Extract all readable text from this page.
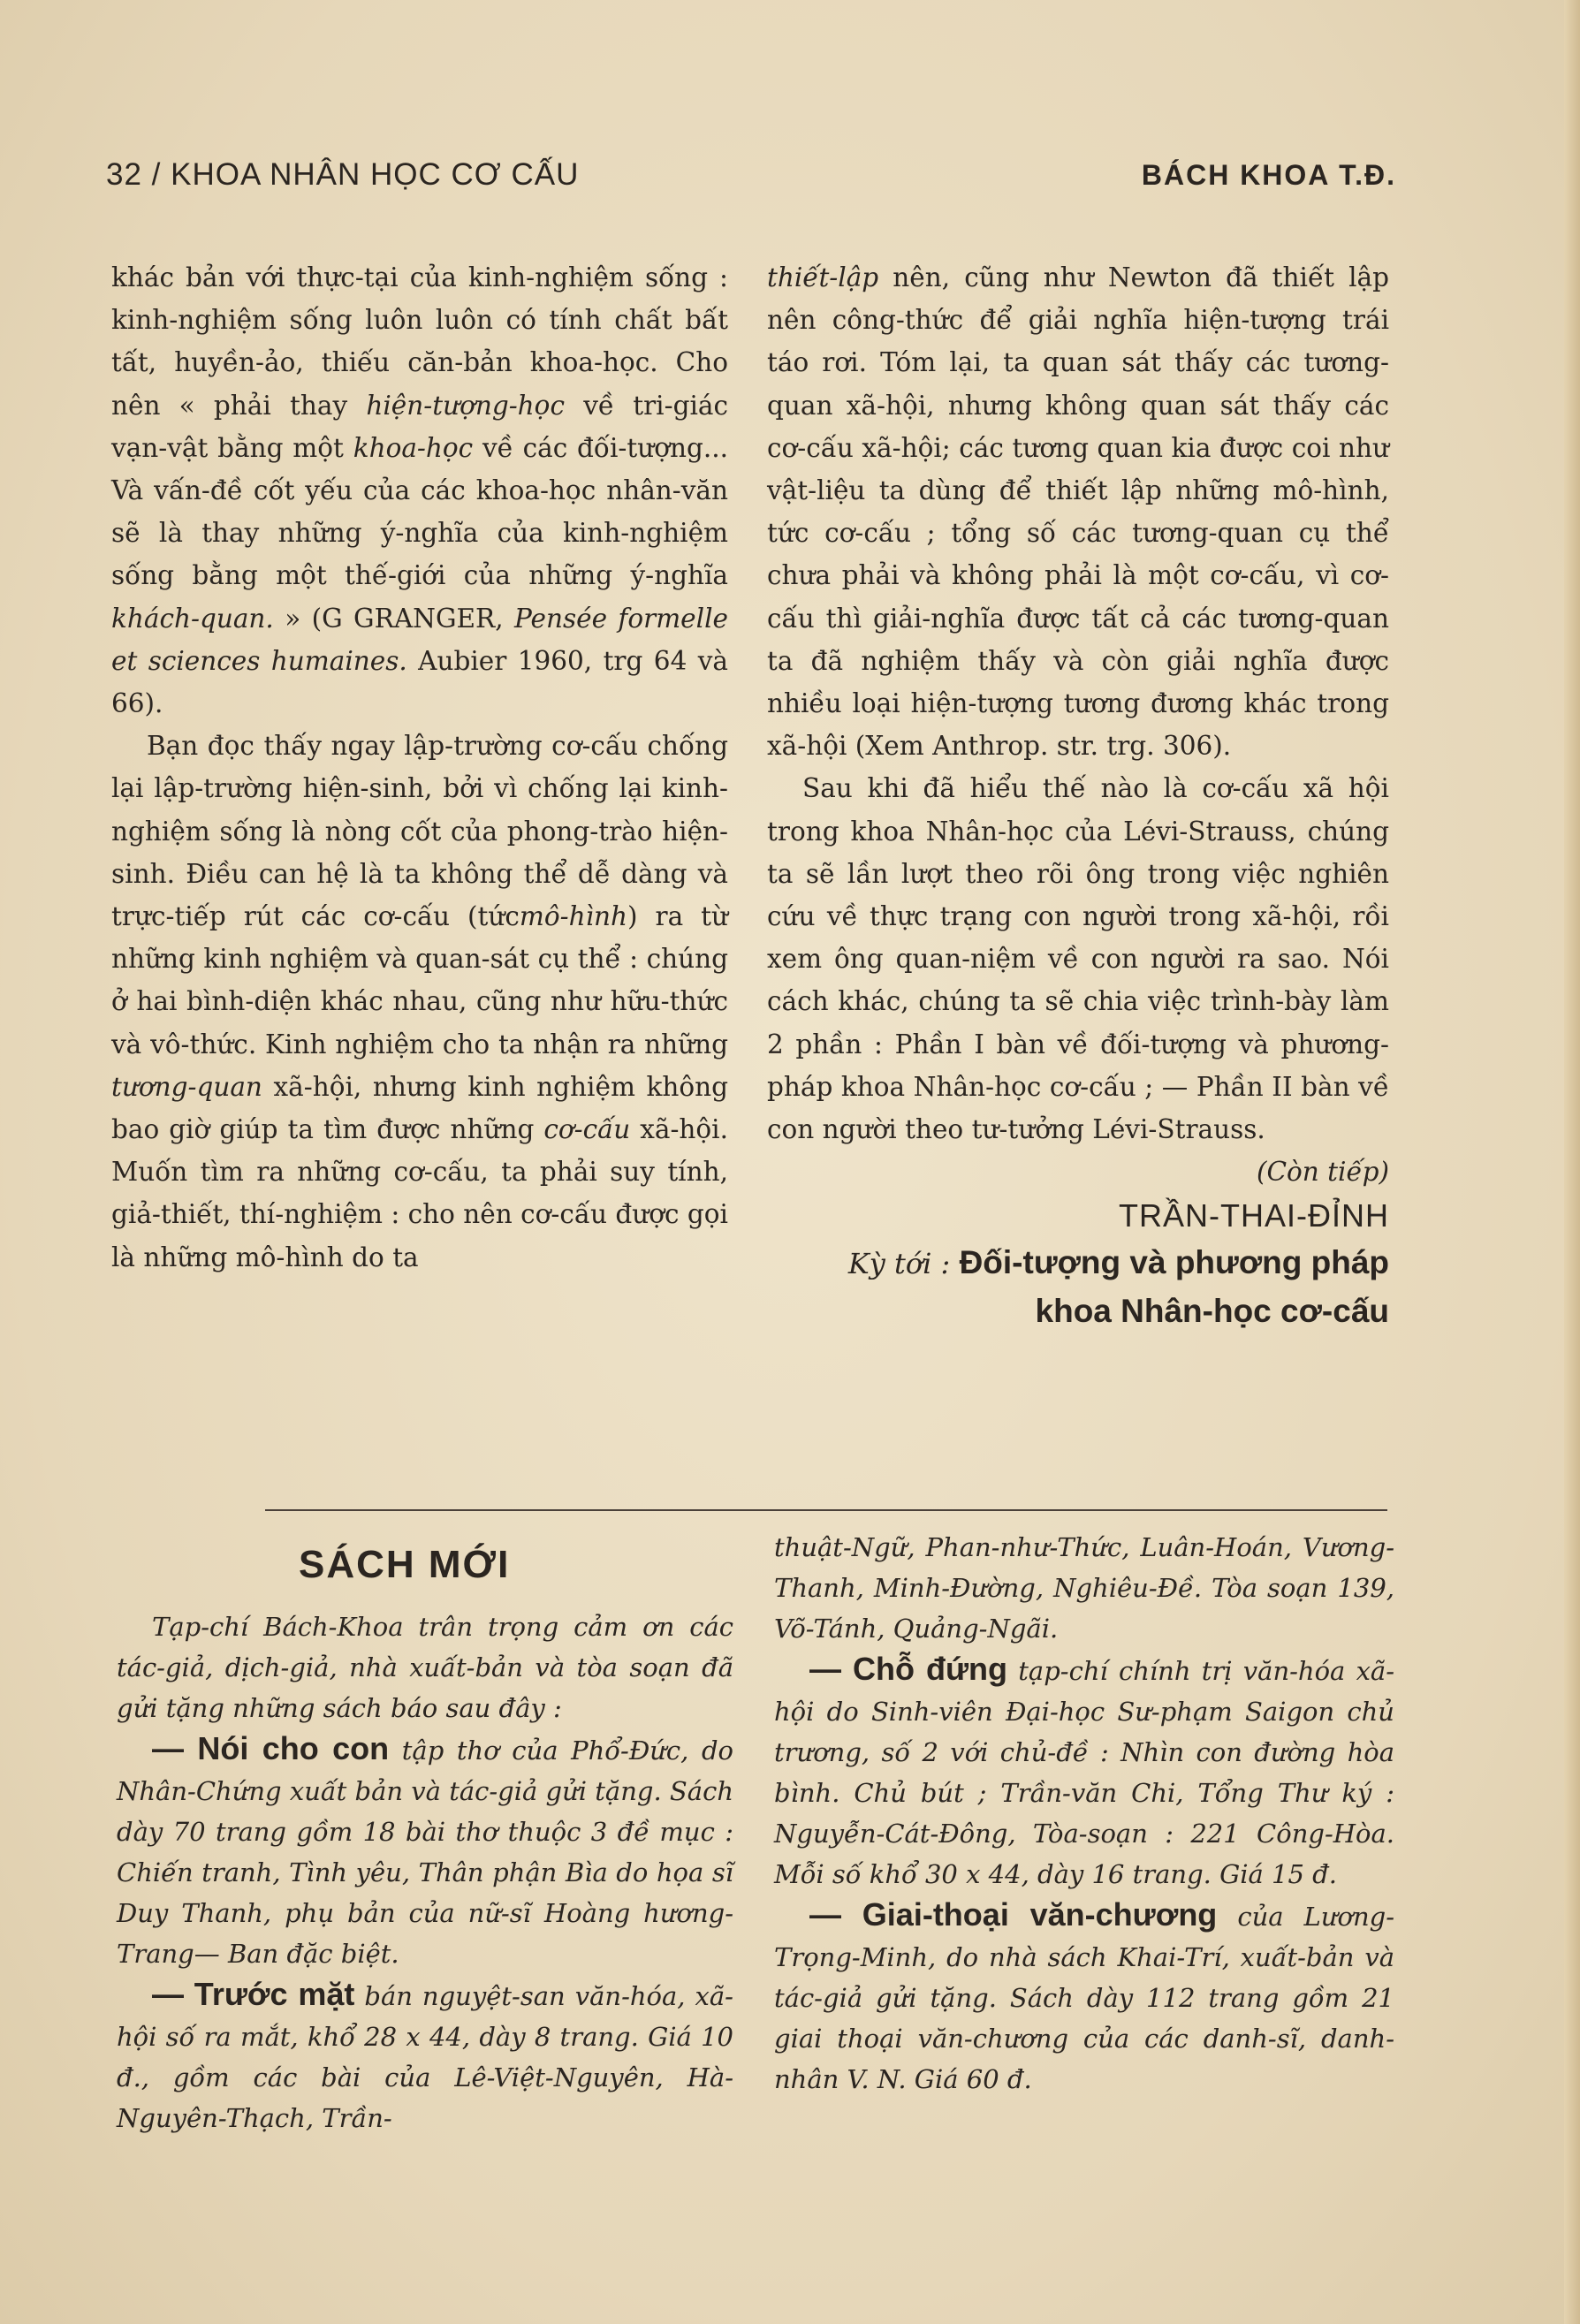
32 / KHOA NHÂN HỌC CƠ CẤU	BÁCH KHOA T.Đ.

khác bản với thực-tại của kinh-nghiệm sống : kinh-nghiệm sống luôn luôn có tính chất bất tất, huyền-ảo, thiếu căn-bản khoa-học. Cho nên « phải thay hiện-tượng-học về tri-giác vạn-vật bằng một khoa-học về các đối-tượng... Và vấn-đề cốt yếu của các khoa-học nhân-văn sẽ là thay những ý-nghĩa của kinh-nghiệm sống bằng một thế-giới của những ý-nghĩa khách-quan. » (G GRANGER, Pensée formelle et sciences humaines. Aubier 1960, trg 64 và 66).

Bạn đọc thấy ngay lập-trường cơ-cấu chống lại lập-trường hiện-sinh, bởi vì chống lại kinh-nghiệm sống là nòng cốt của phong-trào hiện-sinh. Điều can hệ là ta không thể dễ dàng và trực-tiếp rút các cơ-cấu (tứcmô-hình) ra từ những kinh nghiệm và quan-sát cụ thể : chúng ở hai bình-diện khác nhau, cũng như hữu-thức và vô-thức. Kinh nghiệm cho ta nhận ra những tương-quan xã-hội, nhưng kinh nghiệm không bao giờ giúp ta tìm được những cơ-cấu xã-hội. Muốn tìm ra những cơ-cấu, ta phải suy tính, giả-thiết, thí-nghiệm : cho nên cơ-cấu được gọi là những mô-hình do ta

thiết-lập nên, cũng như Newton đã thiết lập nên công-thức để giải nghĩa hiện-tượng trái táo rơi. Tóm lại, ta quan sát thấy các tương-quan xã-hội, nhưng không quan sát thấy các cơ-cấu xã-hội; các tương quan kia được coi như vật-liệu ta dùng để thiết lập những mô-hình, tức cơ-cấu ; tổng số các tương-quan cụ thể chưa phải và không phải là một cơ-cấu, vì cơ-cấu thì giải-nghĩa được tất cả các tương-quan ta đã nghiệm thấy và còn giải nghĩa được nhiều loại hiện-tượng tương đương khác trong xã-hội (Xem Anthrop. str. trg. 306).

Sau khi đã hiểu thế nào là cơ-cấu xã hội trong khoa Nhân-học của Lévi-Strauss, chúng ta sẽ lần lượt theo rõi ông trong việc nghiên cứu về thực trạng con người trong xã-hội, rồi xem ông quan-niệm về con người ra sao. Nói cách khác, chúng ta sẽ chia việc trình-bày làm 2 phần : Phần I bàn về đối-tượng và phương-pháp khoa Nhân-học cơ-cấu ; — Phần II bàn về con người theo tư-tưởng Lévi-Strauss.

(Còn tiếp)

TRẦN-THAI-ĐỈNH

Kỳ tới : Đối-tượng và phương pháp khoa Nhân-học cơ-cấu

SÁCH MỚI

Tạp-chí Bách-Khoa trân trọng cảm ơn các tác-giả, dịch-giả, nhà xuất-bản và tòa soạn đã gửi tặng những sách báo sau đây :

— Nói cho con tập thơ của Phổ-Đức, do Nhân-Chứng xuất bản và tác-giả gửi tặng. Sách dày 70 trang gồm 18 bài thơ thuộc 3 đề mục : Chiến tranh, Tình yêu, Thân phận Bìa do họa sĩ Duy Thanh, phụ bản của nữ-sĩ Hoàng hương-Trang— Ban đặc biệt.

— Trước mặt bán nguyệt-san văn-hóa, xã-hội số ra mắt, khổ 28 x 44, dày 8 trang. Giá 10 đ., gồm các bài của Lê-Việt-Nguyên, Hà-Nguyên-Thạch, Trần-

thuật-Ngữ, Phan-như-Thức, Luân-Hoán, Vương-Thanh, Minh-Đường, Nghiêu-Đề. Tòa soạn 139, Võ-Tánh, Quảng-Ngãi.

— Chỗ đứng tạp-chí chính trị văn-hóa xã-hội do Sinh-viên Đại-học Sư-phạm Saigon chủ trương, số 2 với chủ-đề : Nhìn con đường hòa bình. Chủ bút ; Trần-văn Chi, Tổng Thư ký : Nguyễn-Cát-Đông, Tòa-soạn : 221 Công-Hòa. Mỗi số khổ 30 x 44, dày 16 trang. Giá 15 đ.

— Giai-thoại văn-chương của Lương-Trọng-Minh, do nhà sách Khai-Trí, xuất-bản và tác-giả gửi tặng. Sách dày 112 trang gồm 21 giai thoại văn-chương của các danh-sĩ, danh-nhân V. N. Giá 60 đ.
